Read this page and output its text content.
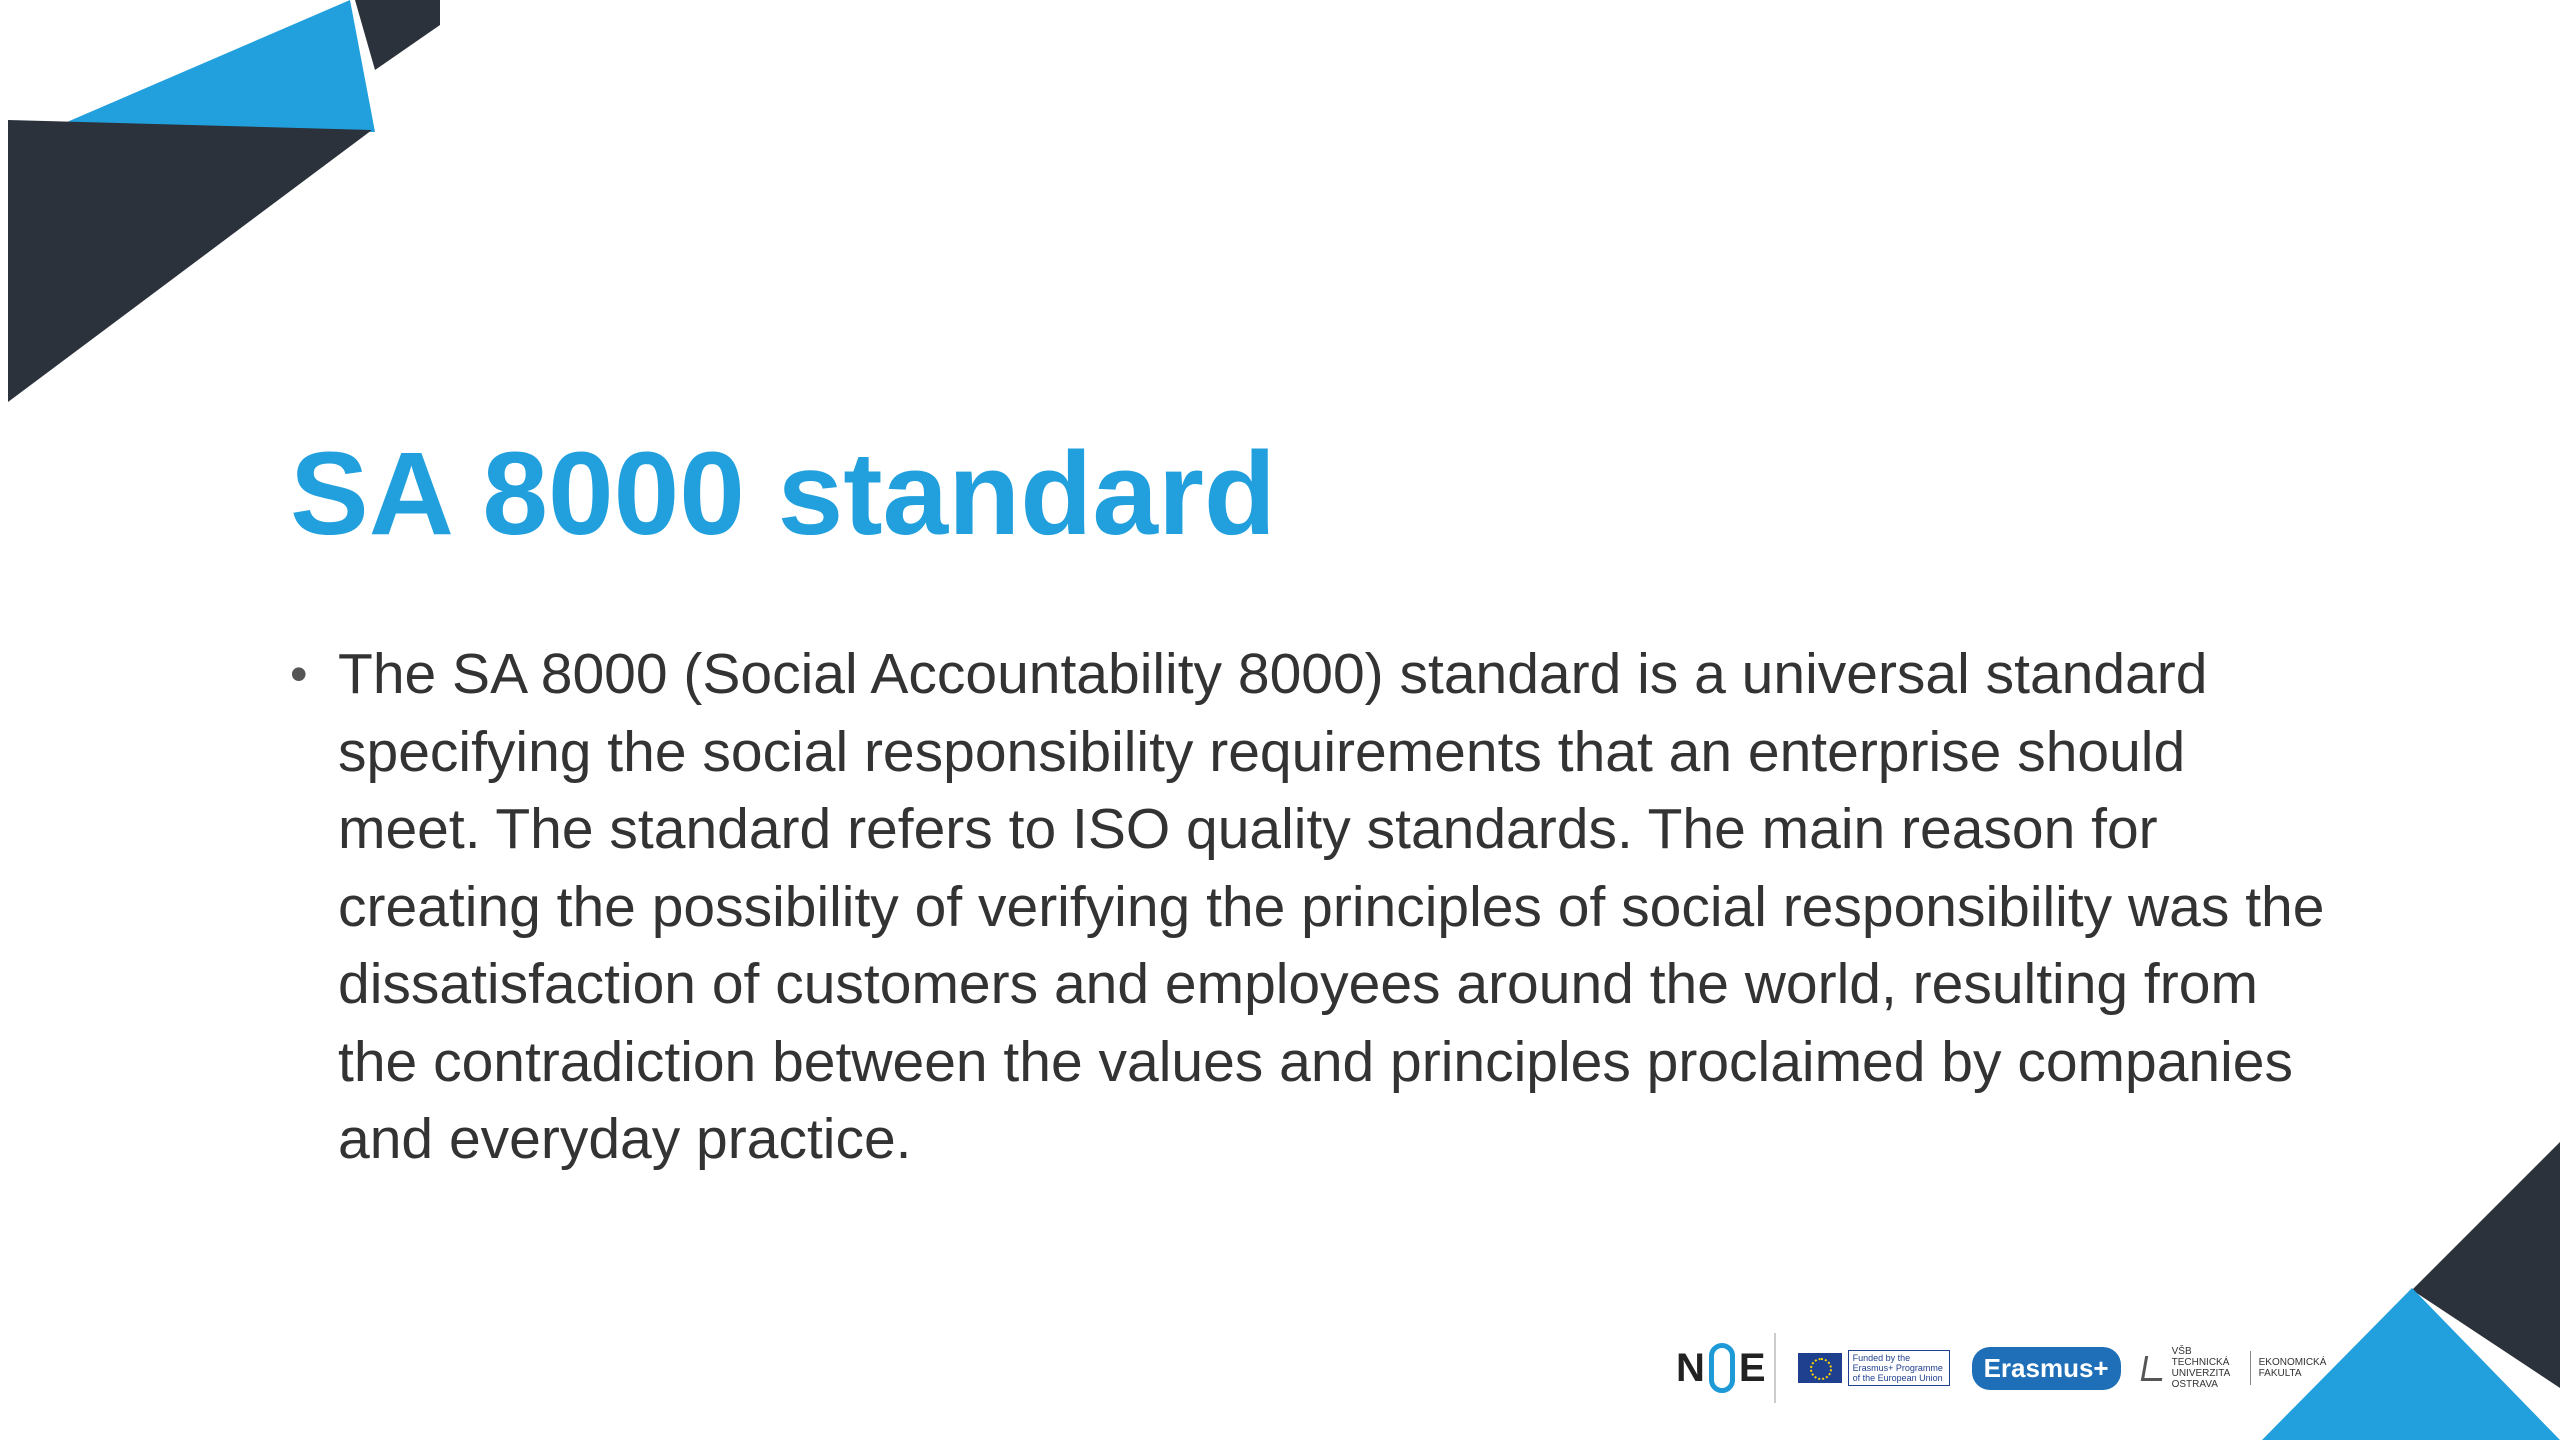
SA 8000 standard
• The SA 8000 (Social Accountability 8000) standard is a universal standard specifying the social responsibility requirements that an enterprise should meet. The standard refers to ISO quality standards. The main reason for creating the possibility of verifying the principles of social responsibility was the dissatisfaction of customers and employees around the world, resulting from the contradiction between the values and principles proclaimed by companies and everyday practice.
N E	Funded by the Erasmus+ Programme of the European Union	Erasmus+
VŠB TECHNICKÁ UNIVERZITA OSTRAVA
EKONOMICKÁ FAKULTA
